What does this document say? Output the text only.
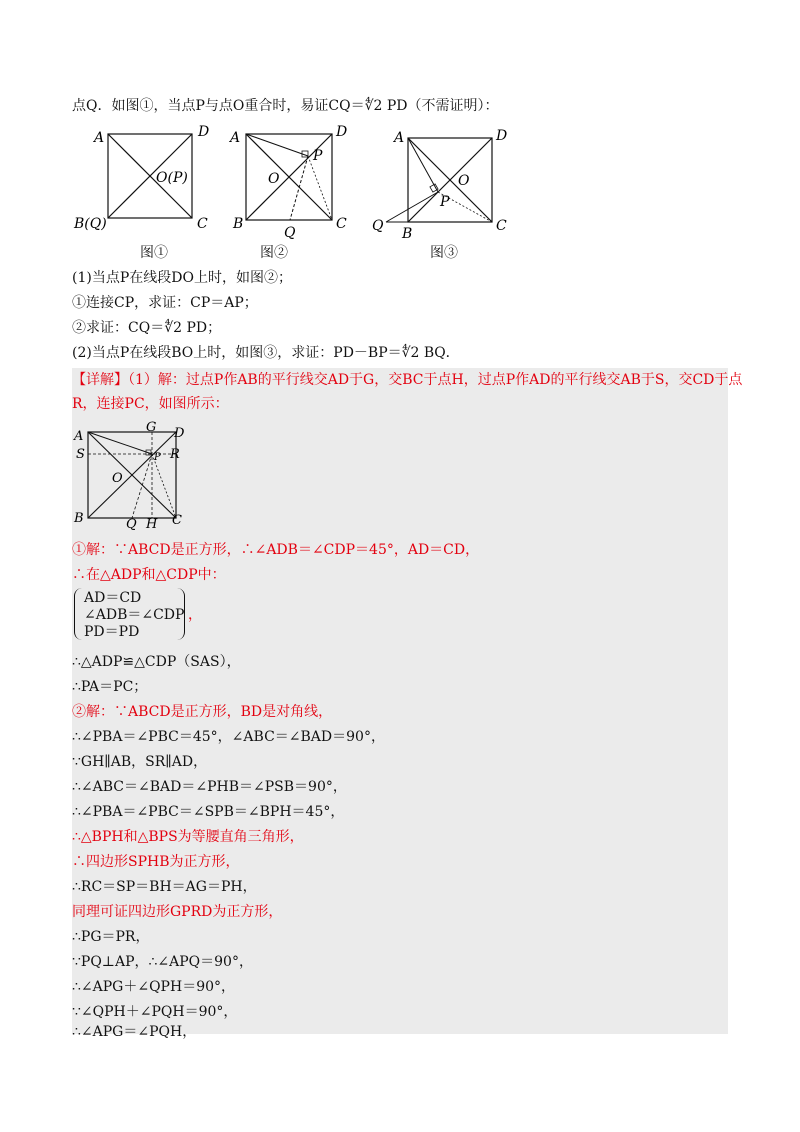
点Q．如图①，当点P与点O重合时，易证CQ＝∜2 PD（不需证明）：
A	D
O(P)
B(Q)	C
A	D
P
O
B
Q
C
A	D
O
P
Q B	C
图①	图②	图③
(1)当点P在线段DO上时，如图②；
①连接CP，求证：CP＝AP；
②求证：CQ＝∜2 PD；
(2)当点P在线段BO上时，如图③，求证：PD－BP＝∜2 BQ．
【详解】（1）解：过点P作AB的平行线交AD于G，交BC于点H，过点P作AD的平行线交AB于S，交CD于点
R，连接PC，如图所示：
A
G D
S	R
P
O
B	Q H C
①解：∵ABCD是正方形，∴∠ADB＝∠CDP＝45°，AD＝CD，
∴在△ADP和△CDP中：
AD＝CD
∠ADB＝∠CDP
PD＝PD
，
∴△ADP≌△CDP（SAS），
∴PA＝PC；
②解：∵ABCD是正方形，BD是对角线，
∴∠PBA＝∠PBC＝45°，∠ABC＝∠BAD＝90°，
∵GH∥AB，SR∥AD，
∴∠ABC＝∠BAD＝∠PHB＝∠PSB＝90°，
∴∠PBA＝∠PBC＝∠SPB＝∠BPH＝45°，
∴△BPH和△BPS为等腰直角三角形，
∴四边形SPHB为正方形，
∴RC＝SP＝BH＝AG＝PH，
同理可证四边形GPRD为正方形，
∴PG＝PR，
∵PQ⊥AP，∴∠APQ＝90°，
∴∠APG＋∠QPH＝90°，
∵∠QPH＋∠PQH＝90°，
∴∠APG＝∠PQH，
